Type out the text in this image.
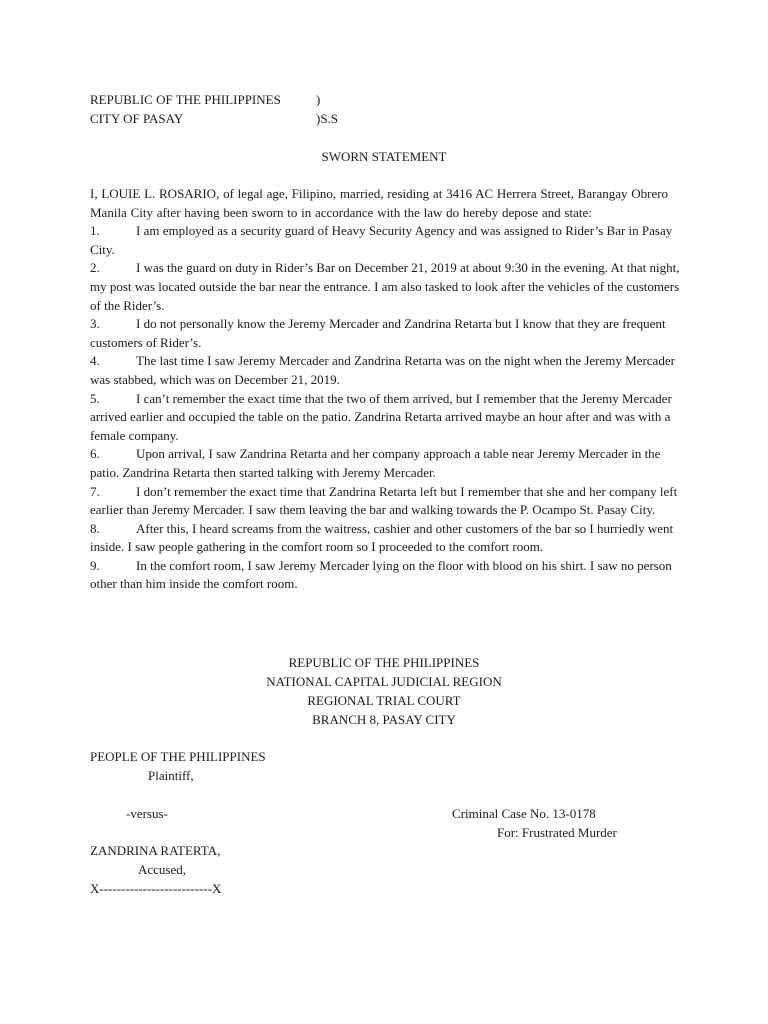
REPUBLIC OF THE PHILIPPINES	)
CITY OF PASAY	)S.S
SWORN STATEMENT

I, LOUIE L. ROSARIO, of legal age, Filipino, married, residing at 3416 AC Herrera Street, Barangay Obrero Manila City after having been sworn to in accordance with the law do hereby depose and state:

1.	I am employed as a security guard of Heavy Security Agency and was assigned to Rider’s Bar in Pasay City.

2.	I was the guard on duty in Rider’s Bar on December 21, 2019 at about 9:30 in the evening. At that night, my post was located outside the bar near the entrance. I am also tasked to look after the vehicles of the customers of the Rider’s.

3.	I do not personally know the Jeremy Mercader and Zandrina Retarta but I know that they are frequent customers of Rider’s.

4.	The last time I saw Jeremy Mercader and Zandrina Retarta was on the night when the Jeremy Mercader was stabbed, which was on December 21, 2019.

5.	I can’t remember the exact time that the two of them arrived, but I remember that the Jeremy Mercader arrived earlier and occupied the table on the patio. Zandrina Retarta arrived maybe an hour after and was with a female company.

6.	Upon arrival, I saw Zandrina Retarta and her company approach a table near Jeremy Mercader in the patio. Zandrina Retarta then started talking with Jeremy Mercader.

7.	I don’t remember the exact time that Zandrina Retarta left but I remember that she and her company left earlier than Jeremy Mercader. I saw them leaving the bar and walking towards the P. Ocampo St. Pasay City.

8.	After this, I heard screams from the waitress, cashier and other customers of the bar so I hurriedly went inside. I saw people gathering in the comfort room so I proceeded to the comfort room.

9.	In the comfort room, I saw Jeremy Mercader lying on the floor with blood on his shirt. I saw no person other than him inside the comfort room.

REPUBLIC OF THE PHILIPPINES
NATIONAL CAPITAL JUDICIAL REGION
REGIONAL TRIAL COURT
BRANCH 8, PASAY CITY
PEOPLE OF THE PHILIPPINES
Plaintiff,
-versus-	Criminal Case No. 13-0178
For: Frustrated Murder
ZANDRINA RATERTA,
Accused,
X--------------------------X
